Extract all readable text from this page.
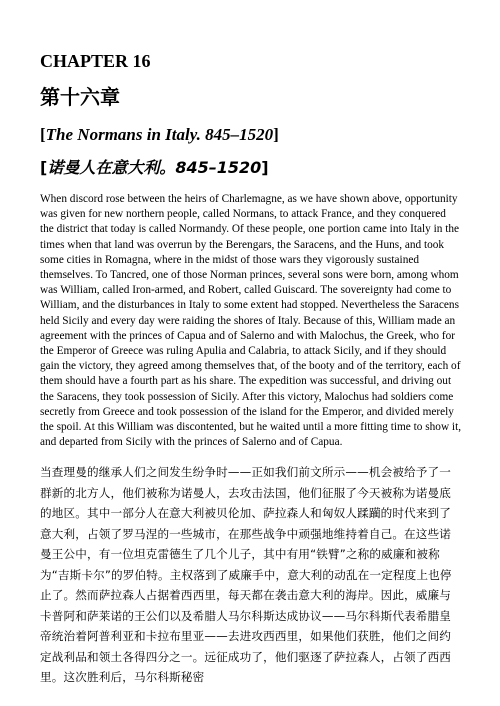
CHAPTER 16
第十六章
[The Normans in Italy. 845–1520]
[诺曼人在意大利。845–1520]

When discord rose between the heirs of Charlemagne, as we have shown above, opportunity was given for new northern people, called Normans, to attack France, and they conquered the district that today is called Normandy. Of these people, one portion came into Italy in the times when that land was overrun by the Berengars, the Saracens, and the Huns, and took some cities in Romagna, where in the midst of those wars they vigorously sustained themselves. To Tancred, one of those Norman princes, several sons were born, among whom was William, called Iron-armed, and Robert, called Guiscard. The sovereignty had come to William, and the disturbances in Italy to some extent had stopped. Nevertheless the Saracens held Sicily and every day were raiding the shores of Italy. Because of this, William made an agreement with the princes of Capua and of Salerno and with Malochus, the Greek, who for the Emperor of Greece was ruling Apulia and Calabria, to attack Sicily, and if they should gain the victory, they agreed among themselves that, of the booty and of the territory, each of them should have a fourth part as his share. The expedition was successful, and driving out the Saracens, they took possession of Sicily. After this victory, Malochus had soldiers come secretly from Greece and took possession of the island for the Emperor, and divided merely the spoil. At this William was discontented, but he waited until a more fitting time to show it, and departed from Sicily with the princes of Salerno and of Capua.

当查理曼的继承人们之间发生纷争时——正如我们前文所示——机会被给予了一群新的北方人，他们被称为诺曼人，去攻击法国，他们征服了今天被称为诺曼底的地区。其中一部分人在意大利被贝伦加、萨拉森人和匈奴人蹂躏的时代来到了意大利，占领了罗马涅的一些城市，在那些战争中顽强地维持着自己。在这些诺曼王公中，有一位坦克雷德生了几个儿子，其中有用“铁臂”之称的威廉和被称为“吉斯卡尔”的罗伯特。主权落到了威廉手中，意大利的动乱在一定程度上也停止了。然而萨拉森人占据着西西里，每天都在袭击意大利的海岸。因此，威廉与卡普阿和萨莱诺的王公们以及希腊人马尔科斯达成协议——马尔科斯代表希腊皇帝统治着阿普利亚和卡拉布里亚——去进攻西西里，如果他们获胜，他们之间约定战利品和领土各得四分之一。远征成功了，他们驱逐了萨拉森人，占领了西西里。这次胜利后，马尔科斯秘密
